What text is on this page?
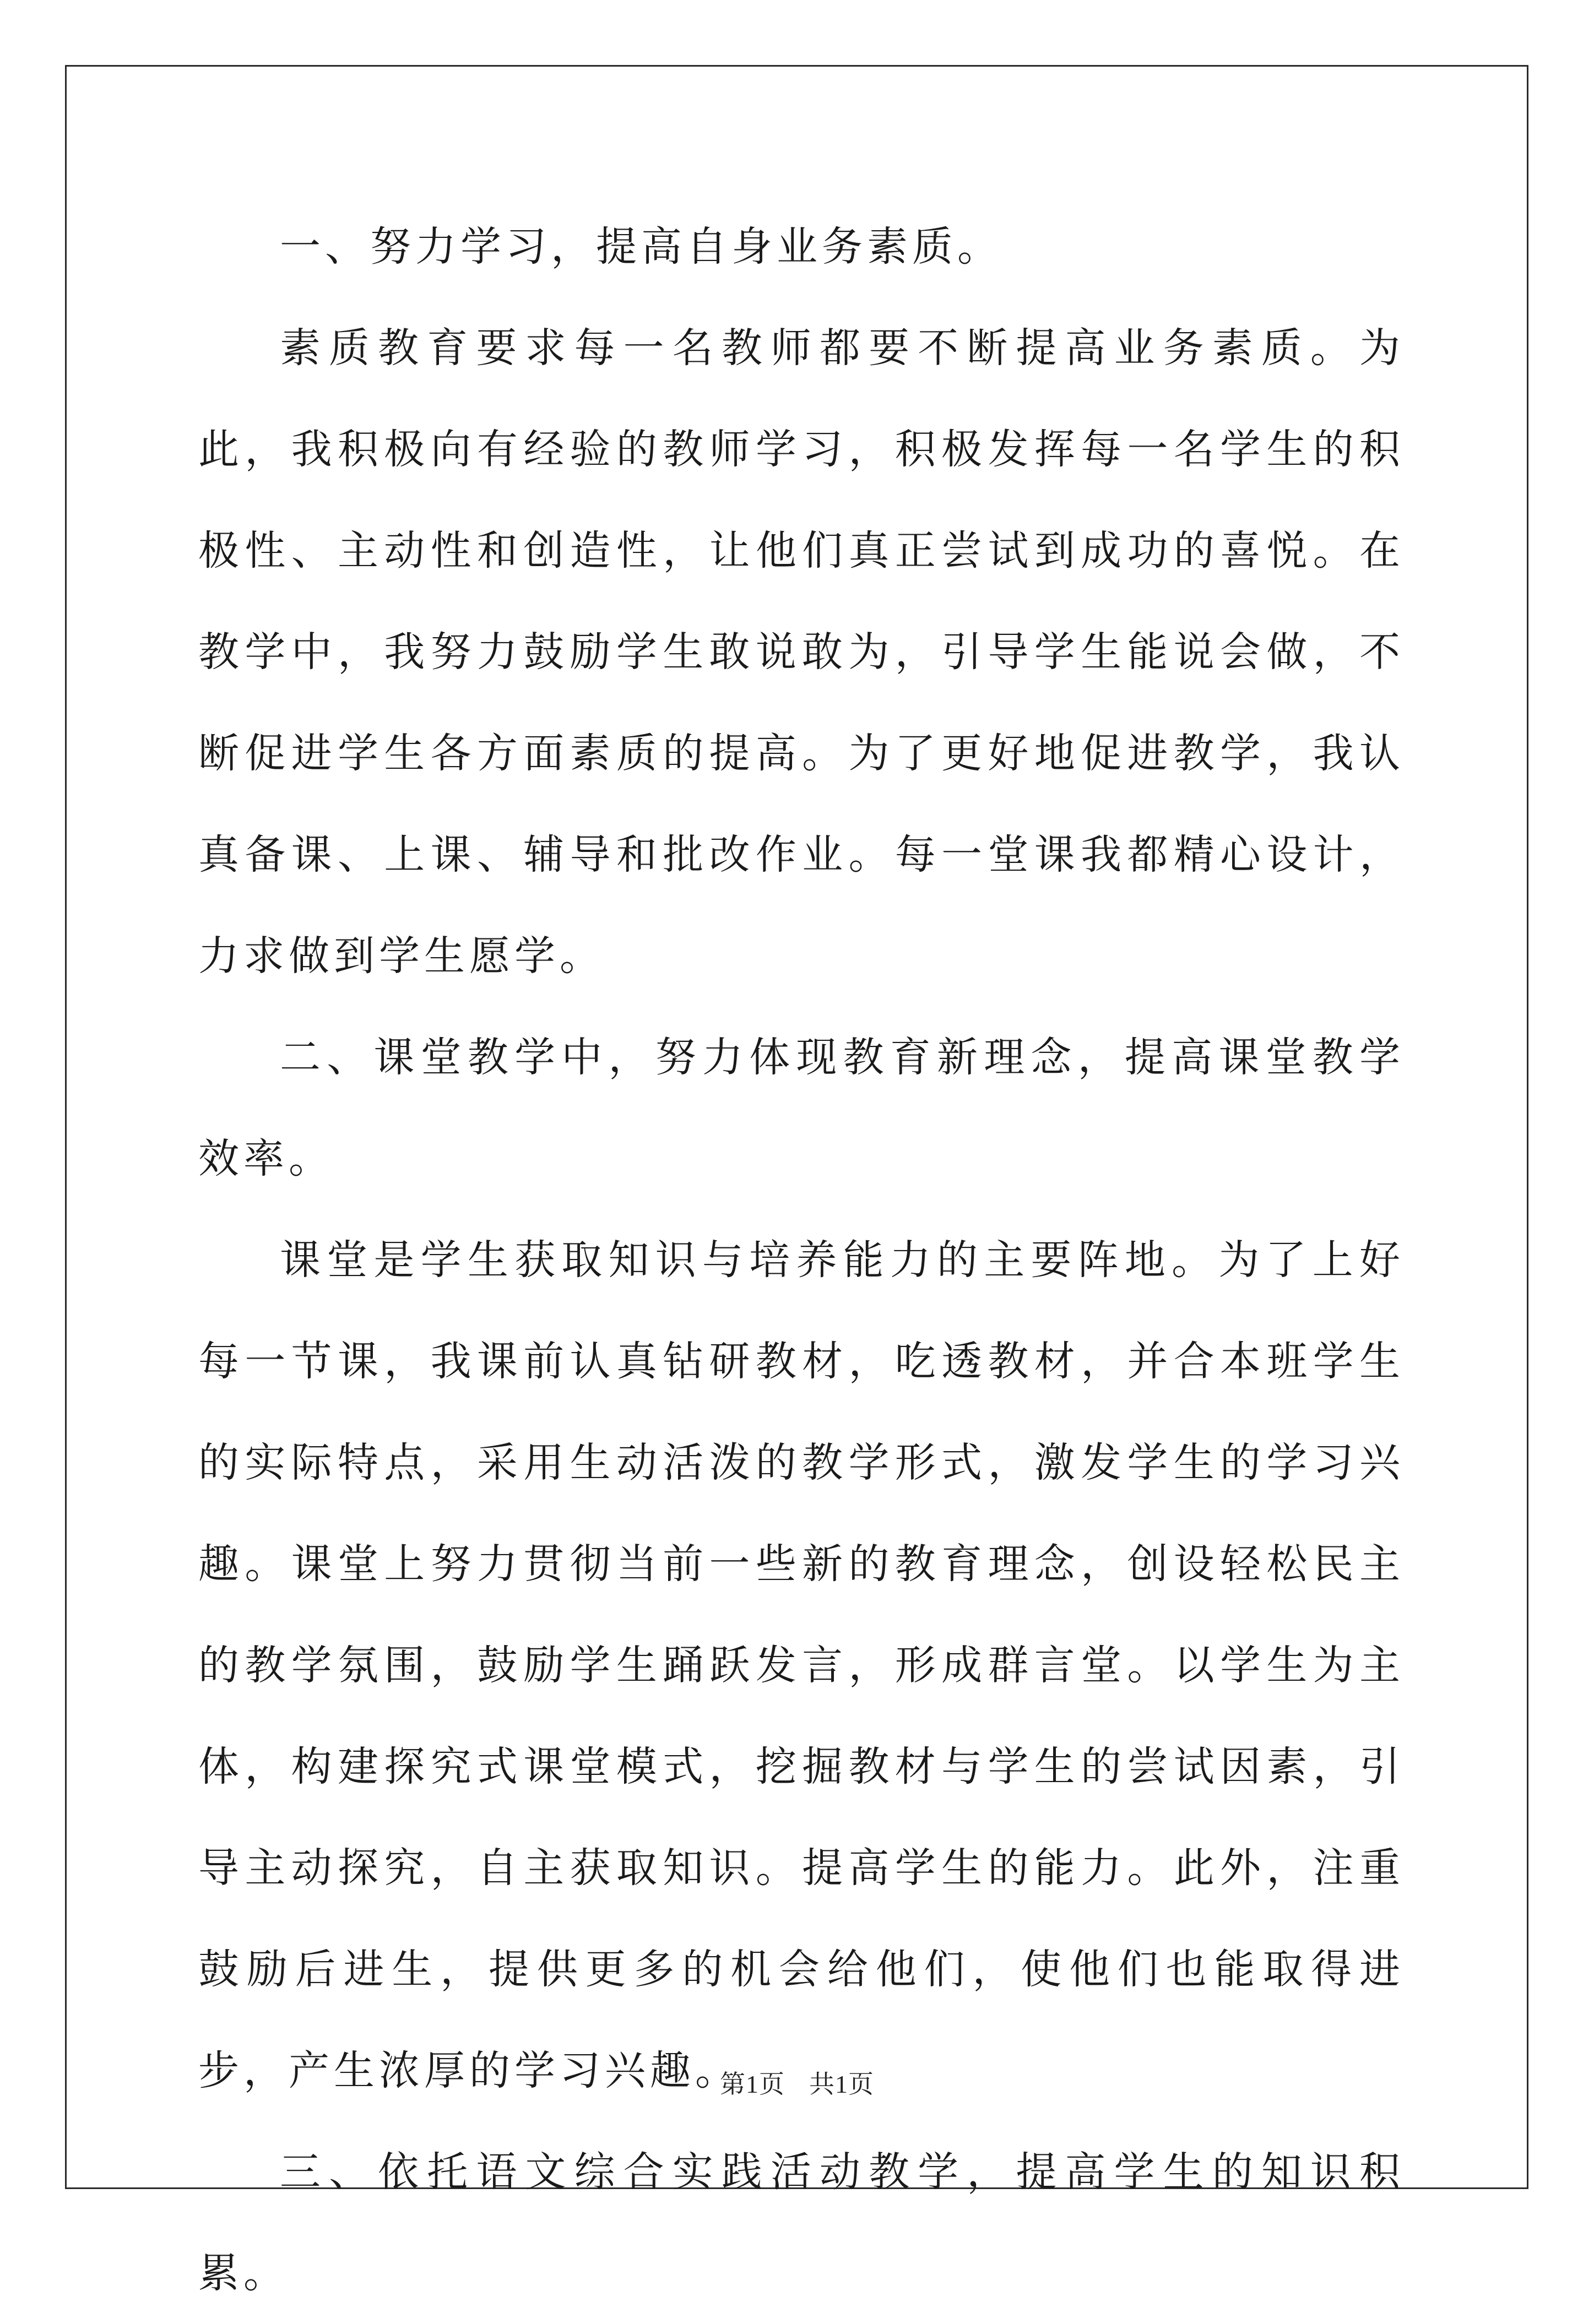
一、努力学习，提高自身业务素质。

素质教育要求每一名教师都要不断提高业务素质。为此，我积极向有经验的教师学习，积极发挥每一名学生的积极性、主动性和创造性，让他们真正尝试到成功的喜悦。在教学中，我努力鼓励学生敢说敢为，引导学生能说会做，不断促进学生各方面素质的提高。为了更好地促进教学，我认真备课、上课、辅导和批改作业。每一堂课我都精心设计，力求做到学生愿学。

二、课堂教学中，努力体现教育新理念，提高课堂教学效率。

课堂是学生获取知识与培养能力的主要阵地。为了上好每一节课，我课前认真钻研教材，吃透教材，并合本班学生的实际特点，采用生动活泼的教学形式，激发学生的学习兴趣。课堂上努力贯彻当前一些新的教育理念，创设轻松民主的教学氛围，鼓励学生踊跃发言，形成群言堂。以学生为主体，构建探究式课堂模式，挖掘教材与学生的尝试因素，引导主动探究，自主获取知识。提高学生的能力。此外，注重鼓励后进生，提供更多的机会给他们，使他们也能取得进步，产生浓厚的学习兴趣。

三、依托语文综合实践活动教学，提高学生的知识积累。

第1页 共1页
